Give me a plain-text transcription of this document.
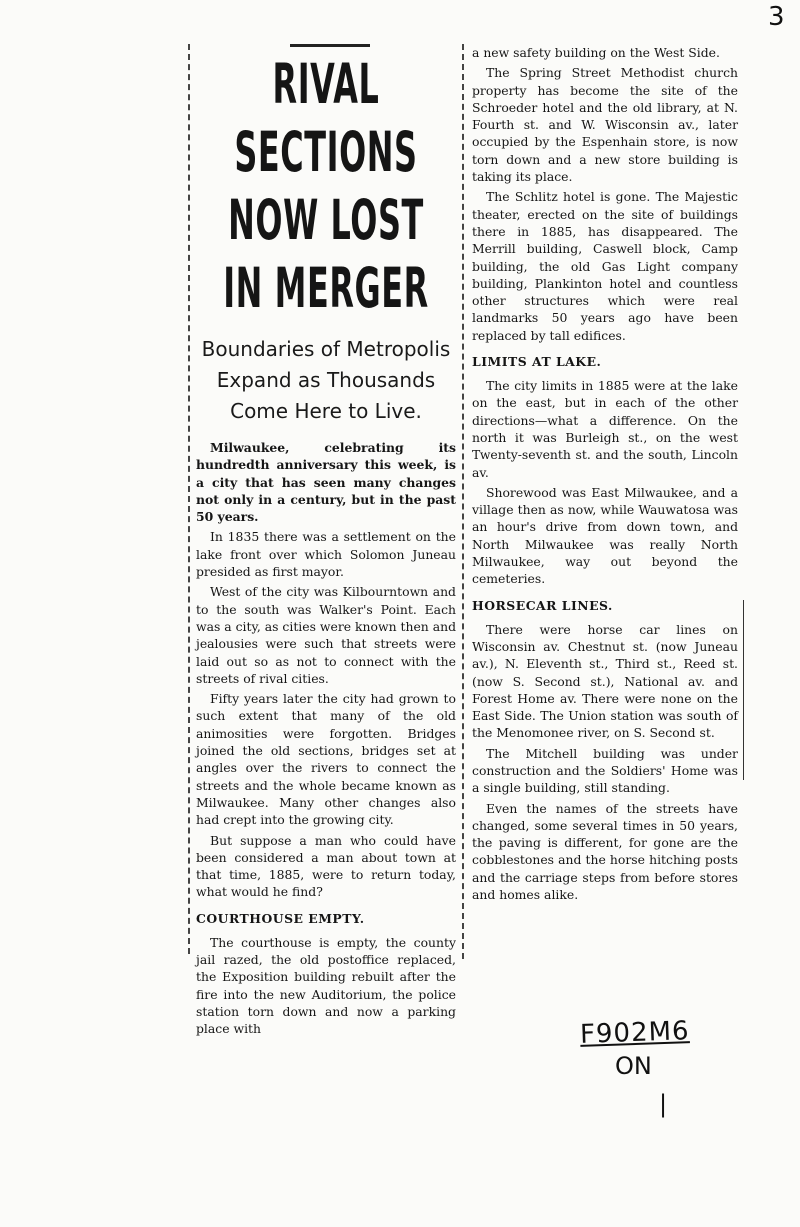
3
RIVAL SECTIONS
NOW LOST
IN MERGER
Boundaries of Metropolis
Expand as Thousands
Come Here to Live.

Milwaukee, celebrating its hundredth anniversary this week, is a city that has seen many changes not only in a century, but in the past 50 years.

In 1835 there was a settlement on the lake front over which Solomon Juneau presided as first mayor.

West of the city was Kilbourntown and to the south was Walker's Point. Each was a city, as cities were known then and jealousies were such that streets were laid out so as not to connect with the streets of rival cities.

Fifty years later the city had grown to such extent that many of the old animosities were forgotten. Bridges joined the old sections, bridges set at angles over the rivers to connect the streets and the whole became known as Milwaukee. Many other changes also had crept into the growing city.

But suppose a man who could have been considered a man about town at that time, 1885, were to return today, what would he find?

COURTHOUSE EMPTY.

The courthouse is empty, the county jail razed, the old postoffice replaced, the Exposition building rebuilt after the fire into the new Auditorium, the police station torn down and now a parking place with

a new safety building on the West Side.

The Spring Street Methodist church property has become the site of the Schroeder hotel and the old library, at N. Fourth st. and W. Wisconsin av., later occupied by the Espenhain store, is now torn down and a new store building is taking its place.

The Schlitz hotel is gone. The Majestic theater, erected on the site of buildings there in 1885, has disappeared. The Merrill building, Caswell block, Camp building, the old Gas Light company building, Plankinton hotel and countless other structures which were real landmarks 50 years ago have been replaced by tall edifices.

LIMITS AT LAKE.

The city limits in 1885 were at the lake on the east, but in each of the other directions—what a difference. On the north it was Burleigh st., on the west Twenty-seventh st. and the south, Lincoln av.

Shorewood was East Milwaukee, and a village then as now, while Wauwatosa was an hour's drive from down town, and North Milwaukee was really North Milwaukee, way out beyond the cemeteries.

HORSECAR LINES.

There were horse car lines on Wisconsin av. Chestnut st. (now Juneau av.), N. Eleventh st., Third st., Reed st. (now S. Second st.), National av. and Forest Home av. There were none on the East Side. The Union station was south of the Menomonee river, on S. Second st.

The Mitchell building was under construction and the Soldiers' Home was a single building, still standing.

Even the names of the streets have changed, some several times in 50 years, the paving is different, for gone are the cobblestones and the horse hitching posts and the carriage steps from before stores and homes alike.

F902M6
ON
|
